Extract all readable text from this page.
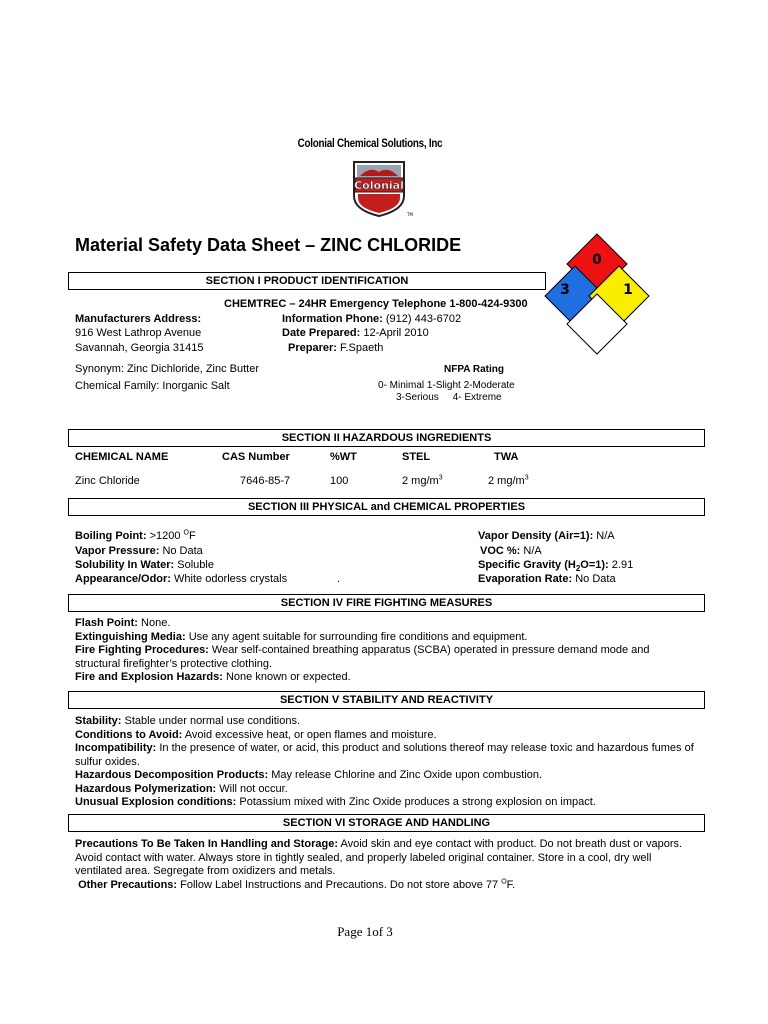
Colonial Chemical Solutions, Inc
Colonial
TM
Material Safety Data Sheet – ZINC CHLORIDE
0
3	1
SECTION I PRODUCT IDENTIFICATION
CHEMTREC – 24HR Emergency Telephone 1-800-424-9300
Manufacturers Address:
916 West Lathrop Avenue
Savannah, Georgia 31415
Information Phone: (912) 443-6702
Date Prepared: 12-April 2010
Preparer: F.Spaeth
Synonym: Zinc Dichloride, Zinc Butter
Chemical Family: Inorganic Salt
NFPA Rating
0- Minimal 1-Slight 2-Moderate
3-Serious     4- Extreme
SECTION II HAZARDOUS INGREDIENTS
CHEMICAL NAME	CAS Number	%WT	STEL	TWA
Zinc Chloride	7646-85-7	100	2 $mg/m^3$	2 $mg/m^3$
SECTION III PHYSICAL and CHEMICAL PROPERTIES
Boiling Point: >1200 $^O$F
Vapor Pressure: No Data
Solubility In Water: Soluble
Appearance/Odor: White odorless crystals	.
Vapor Density (Air=1): N/A
VOC %: N/A
Specific Gravity $(H_2O=1)$: 2.91
Evaporation Rate: No Data
SECTION IV FIRE FIGHTING MEASURES
Flash Point: None.
Extinguishing Media: Use any agent suitable for surrounding fire conditions and equipment.
Fire Fighting Procedures: Wear self-contained breathing apparatus (SCBA) operated in pressure demand mode and structural firefighter’s protective clothing.
Fire and Explosion Hazards: None known or expected.
SECTION V STABILITY AND REACTIVITY
Stability: Stable under normal use conditions.
Conditions to Avoid: Avoid excessive heat, or open flames and moisture.
Incompatibility: In the presence of water, or acid, this product and solutions thereof may release toxic and hazardous fumes of sulfur oxides.
Hazardous Decomposition Products: May release Chlorine and Zinc Oxide upon combustion.
Hazardous Polymerization: Will not occur.
Unusual Explosion conditions: Potassium mixed with Zinc Oxide produces a strong explosion on impact.
SECTION VI STORAGE AND HANDLING
Precautions To Be Taken In Handling and Storage: Avoid skin and eye contact with product. Do not breath dust or vapors. Avoid contact with water. Always store in tightly sealed, and properly labeled original container. Store in a cool, dry well ventilated area. Segregate from oxidizers and metals.
Other Precautions: Follow Label Instructions and Precautions. Do not store above 77 $^O$F.
Page 1of 3
